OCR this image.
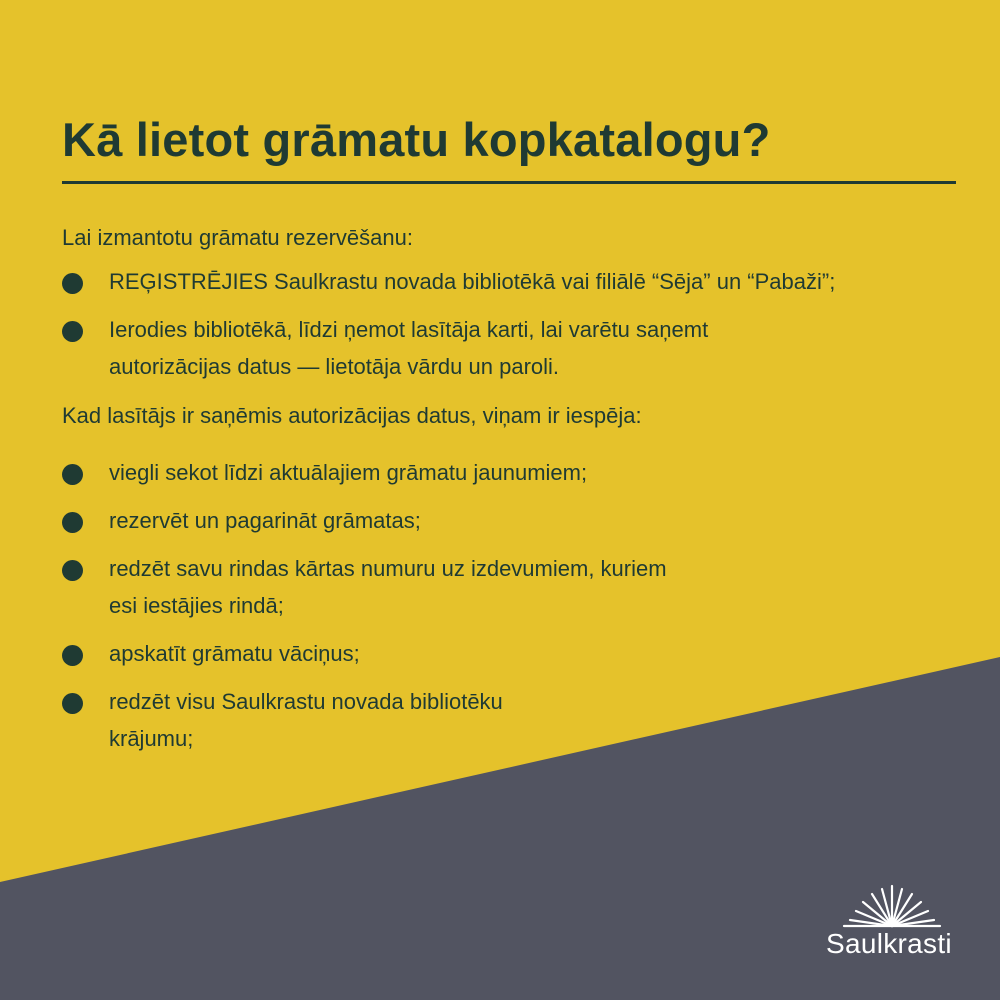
Kā lietot grāmatu kopkatalogu?
Lai izmantotu grāmatu rezervēšanu:
REĢISTRĒJIES Saulkrastu novada bibliotēkā vai filiālē “Sēja” un “Pabaži”;
Ierodies bibliotēkā, līdzi ņemot lasītāja karti, lai varētu saņemt
autorizācijas datus — lietotāja vārdu un paroli.
Kad lasītājs ir saņēmis autorizācijas datus, viņam ir iespēja:
viegli sekot līdzi aktuālajiem grāmatu jaunumiem;
rezervēt un pagarināt grāmatas;
redzēt savu rindas kārtas numuru uz izdevumiem, kuriem
esi iestājies rindā;
apskatīt grāmatu vāciņus;
redzēt visu Saulkrastu novada bibliotēku
krājumu;
Saulkrasti
